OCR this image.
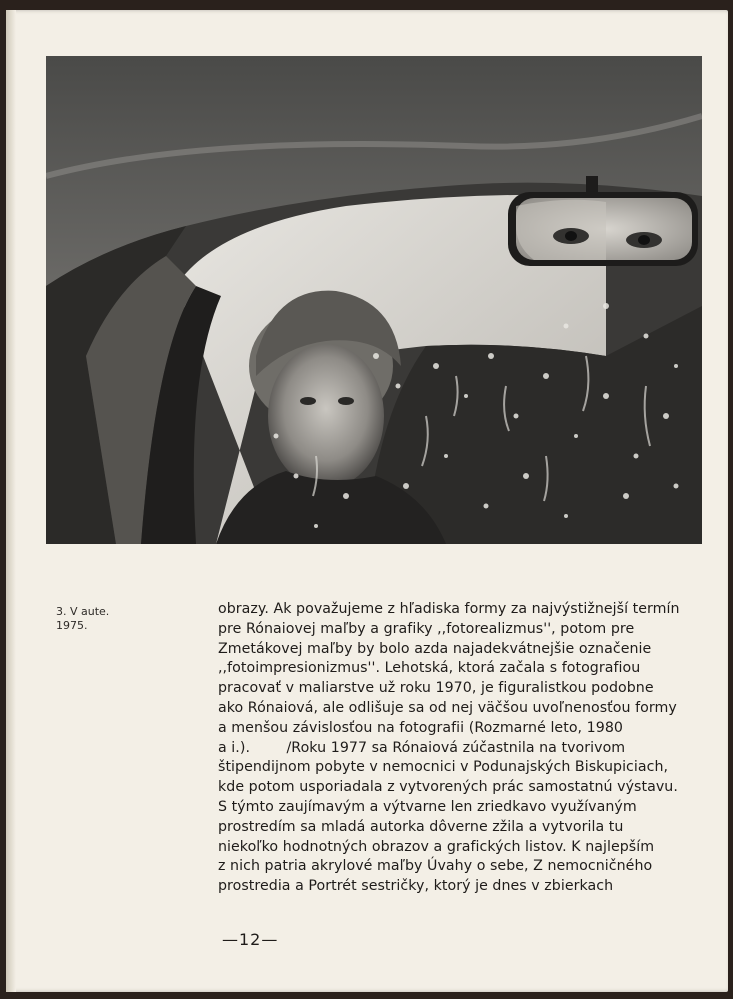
3. V aute.
1975.
obrazy. Ak považujeme z hľadiska formy za najvýstižnejší termín
pre Rónaiovej maľby a grafiky ,,fotorealizmus'', potom pre
Zmetákovej maľby by bolo azda najadekvátnejšie označenie
,,fotoimpresionizmus''. Lehotská, ktorá začala s fotografiou
pracovať v maliarstve už roku 1970, je figuralistkou podobne
ako Rónaiová, ale odlišuje sa od nej väčšou uvoľnenosťou formy
a menšou závislosťou na fotografii (Rozmarné leto, 1980
a i.).        /Roku 1977 sa Rónaiová zúčastnila na tvorivom
štipendijnom pobyte v nemocnici v Podunajských Biskupiciach,
kde potom usporiadala z vytvorených prác samostatnú výstavu.
S týmto zaujímavým a výtvarne len zriedkavo využívaným
prostredím sa mladá autorka dôverne zžila a vytvorila tu
niekoľko hodnotných obrazov a grafických listov. K najlepším
z nich patria akrylové maľby Úvahy o sebe, Z nemocničného
prostredia a Portrét sestričky, ktorý je dnes v zbierkach
—12—
